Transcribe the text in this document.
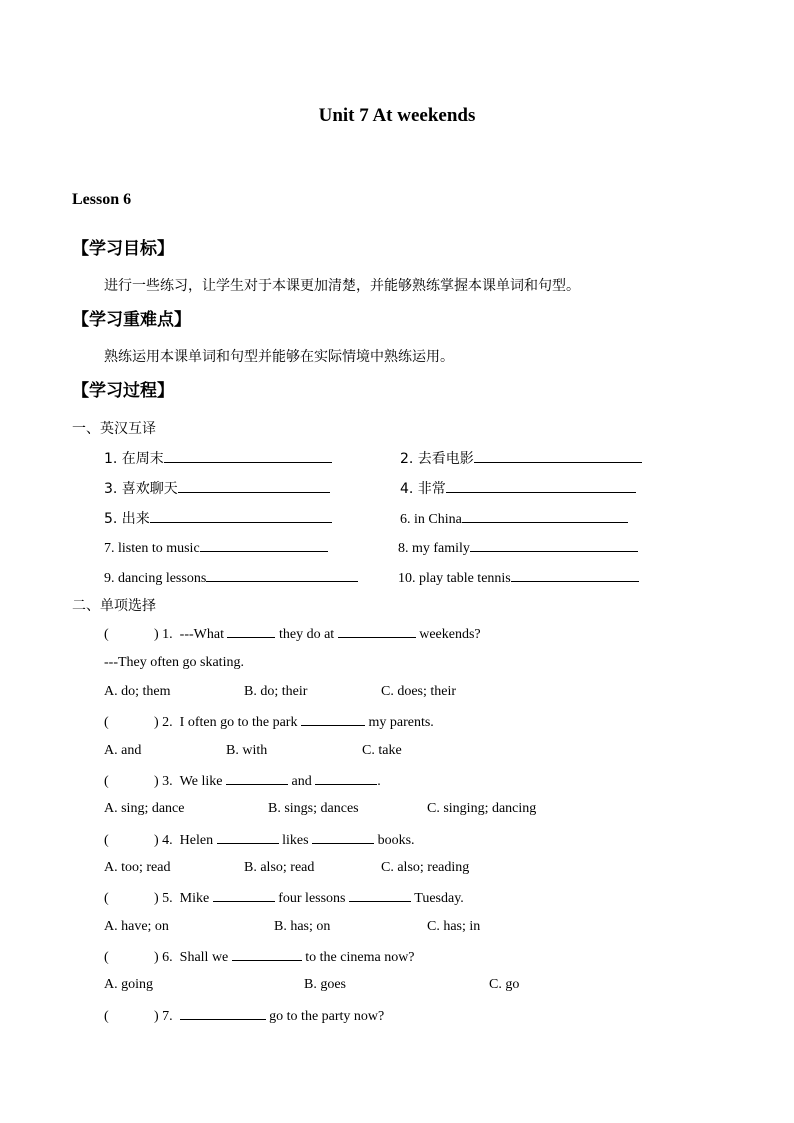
Unit 7 At weekends
Lesson 6
【学习目标】
进行一些练习，让学生对于本课更加清楚，并能够熟练掌握本课单词和句型。
【学习重难点】
熟练运用本课单词和句型并能够在实际情境中熟练运用。
【学习过程】
一、英汉互译
1. 在周末	2. 去看电影
3. 喜欢聊天	4. 非常
5. 出来	6. in China
7. listen to music	8. my family
9. dancing lessons	10. play table tennis
二、单项选择
(	) 1. ---What	they do at	weekends?
---They often go skating.
A. do; them	B. do; their	C. does; their
(	) 2. I often go to the park	my parents.
A. and	B. with	C. take
(	) 3. We like	and	.
A. sing; dance	B. sings; dances	C. singing; dancing
(	) 4. Helen	likes	books.
A. too; read	B. also; read	C. also; reading
(	) 5. Mike	four lessons	Tuesday.
A. have; on	B. has; on	C. has; in
(	) 6. Shall we	to the cinema now?
A. going	B. goes	C. go
(	) 7.	go to the party now?
